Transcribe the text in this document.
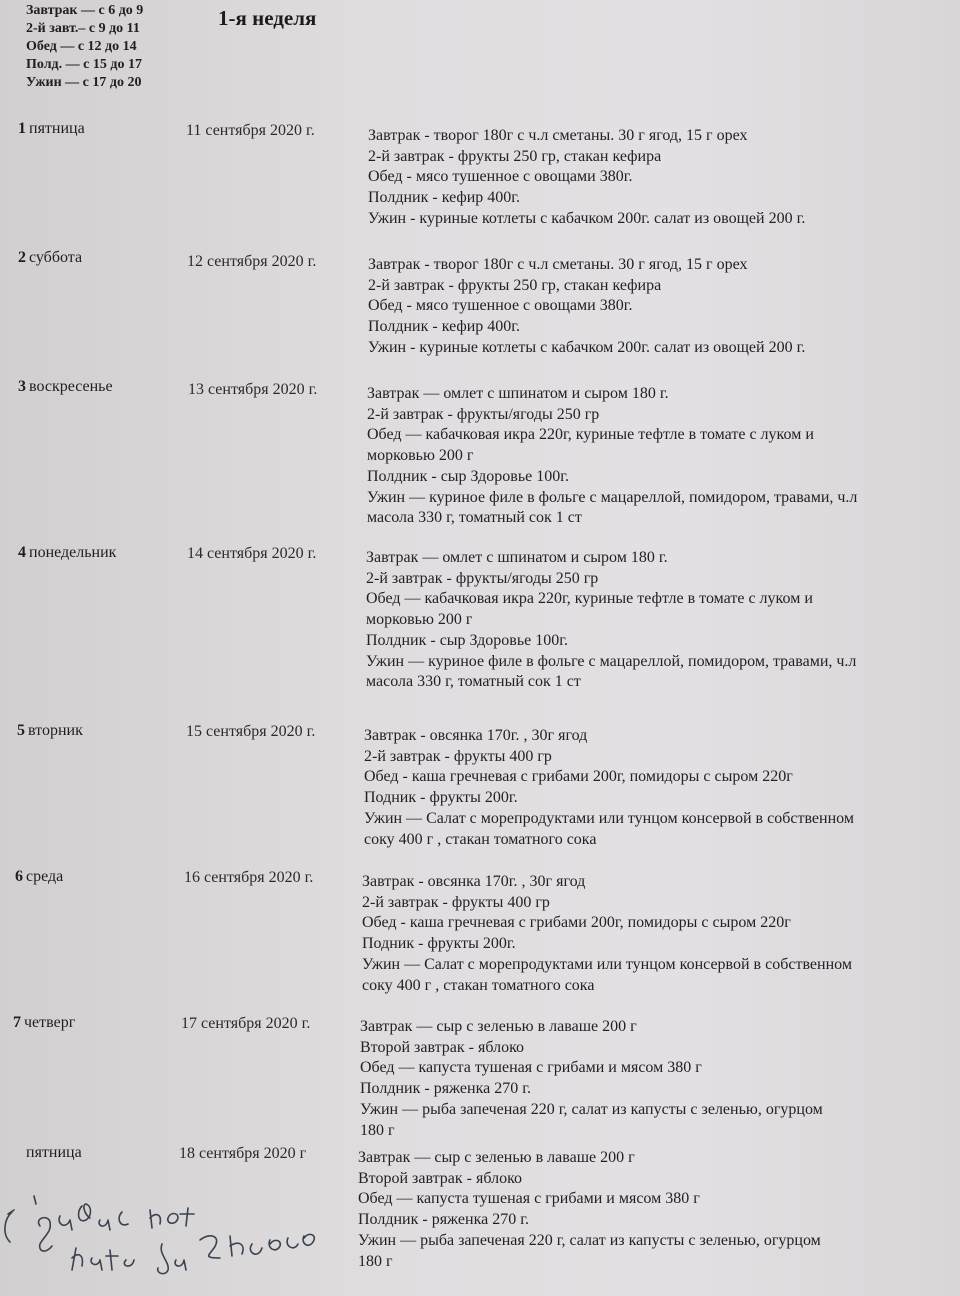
Завтрак — с 6 до 9
2-й завт.– с 9 до 11
Обед — с 12 до 14
Полд. — с 15 до 17
Ужин — с 17 до 20
1-я неделя
1 пятница	11 сентября 2020 г.	Завтрак - творог 180г с ч.л сметаны. 30 г ягод, 15 г орех
2-й завтрак - фрукты 250 гр, стакан кефира
Обед - мясо тушенное с овощами 380г.
Полдник - кефир 400г.
Ужин - куриные котлеты с кабачком 200г. салат из овощей 200 г.
2 суббота	12 сентября 2020 г.	Завтрак - творог 180г с ч.л сметаны. 30 г ягод, 15 г орех
2-й завтрак - фрукты 250 гр, стакан кефира
Обед - мясо тушенное с овощами 380г.
Полдник - кефир 400г.
Ужин - куриные котлеты с кабачком 200г. салат из овощей 200 г.
3 воскресенье	13 сентября 2020 г.	Завтрак — омлет с шпинатом и сыром 180 г.
2-й завтрак - фрукты/ягоды 250 гр
Обед — кабачковая икра 220г, куриные тефтле в томате с луком и
морковью 200 г
Полдник - сыр Здоровье 100г.
Ужин — куриное филе в фольге с мацареллой, помидором, травами, ч.л
масола 330 г, томатный сок 1 ст
4 понедельник	14 сентября 2020 г.	Завтрак — омлет с шпинатом и сыром 180 г.
2-й завтрак - фрукты/ягоды 250 гр
Обед — кабачковая икра 220г, куриные тефтле в томате с луком и
морковью 200 г
Полдник - сыр Здоровье 100г.
Ужин — куриное филе в фольге с мацареллой, помидором, травами, ч.л
масола 330 г, томатный сок 1 ст
5 вторник	15 сентября 2020 г.	Завтрак - овсянка 170г. , 30г ягод
2-й завтрак - фрукты 400 гр
Обед - каша гречневая с грибами 200г, помидоры с сыром 220г
Подник - фрукты 200г.
Ужин — Салат с морепродуктами или тунцом консервой в собственном
соку 400 г , стакан томатного сока
6 среда	16 сентября 2020 г.	Завтрак - овсянка 170г. , 30г ягод
2-й завтрак - фрукты 400 гр
Обед - каша гречневая с грибами 200г, помидоры с сыром 220г
Подник - фрукты 200г.
Ужин — Салат с морепродуктами или тунцом консервой в собственном
соку 400 г , стакан томатного сока
7 четверг	17 сентября 2020 г.	Завтрак — сыр с зеленью в лаваше 200 г
Второй завтрак - яблоко
Обед — капуста тушеная с грибами и мясом 380 г
Полдник - ряженка 270 г.
Ужин — рыба запеченая 220 г, салат из капусты с зеленью, огурцом
180 г
пятница	18 сентября 2020 г	Завтрак — сыр с зеленью в лаваше 200 г
Второй завтрак - яблоко
Обед — капуста тушеная с грибами и мясом 380 г
Полдник - ряженка 270 г.
Ужин — рыба запеченая 220 г, салат из капусты с зеленью, огурцом
180 г
